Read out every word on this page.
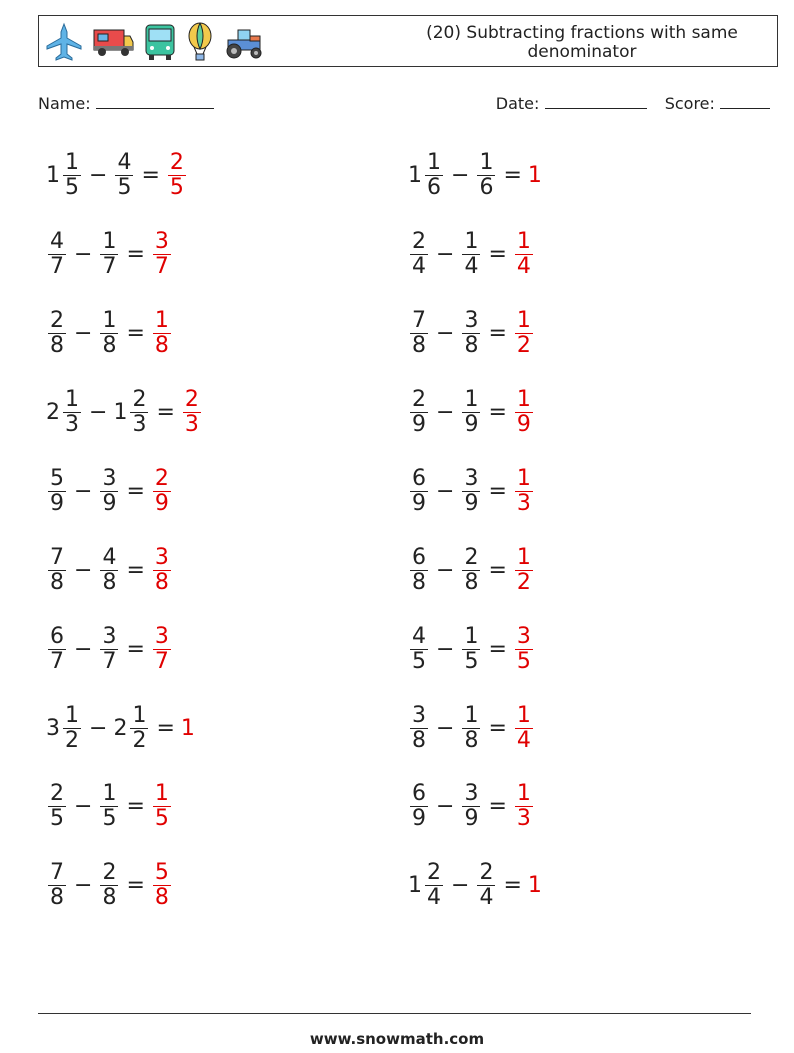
(20) Subtracting fractions with same denominator
Name:	Date:	Score:
$1 \frac{1}{5} - \frac{4}{5} = \frac{2}{5}$	$1 \frac{1}{6} - \frac{1}{6} = 1$
$\frac{4}{7} - \frac{1}{7} = \frac{3}{7}$	$\frac{2}{4} - \frac{1}{4} = \frac{1}{4}$
$\frac{2}{8} - \frac{1}{8} = \frac{1}{8}$	$\frac{7}{8} - \frac{3}{8} = \frac{1}{2}$
$2 \frac{1}{3} - 1 \frac{2}{3} = \frac{2}{3}$	$\frac{2}{9} - \frac{1}{9} = \frac{1}{9}$
$\frac{5}{9} - \frac{3}{9} = \frac{2}{9}$	$\frac{6}{9} - \frac{3}{9} = \frac{1}{3}$
$\frac{7}{8} - \frac{4}{8} = \frac{3}{8}$	$\frac{6}{8} - \frac{2}{8} = \frac{1}{2}$
$\frac{6}{7} - \frac{3}{7} = \frac{3}{7}$	$\frac{4}{5} - \frac{1}{5} = \frac{3}{5}$
$3 \frac{1}{2} - 2 \frac{1}{2} = 1$	$\frac{3}{8} - \frac{1}{8} = \frac{1}{4}$
$\frac{2}{5} - \frac{1}{5} = \frac{1}{5}$	$\frac{6}{9} - \frac{3}{9} = \frac{1}{3}$
$\frac{7}{8} - \frac{2}{8} = \frac{5}{8}$	$1 \frac{2}{4} - \frac{2}{4} = 1$
www.snowmath.com
